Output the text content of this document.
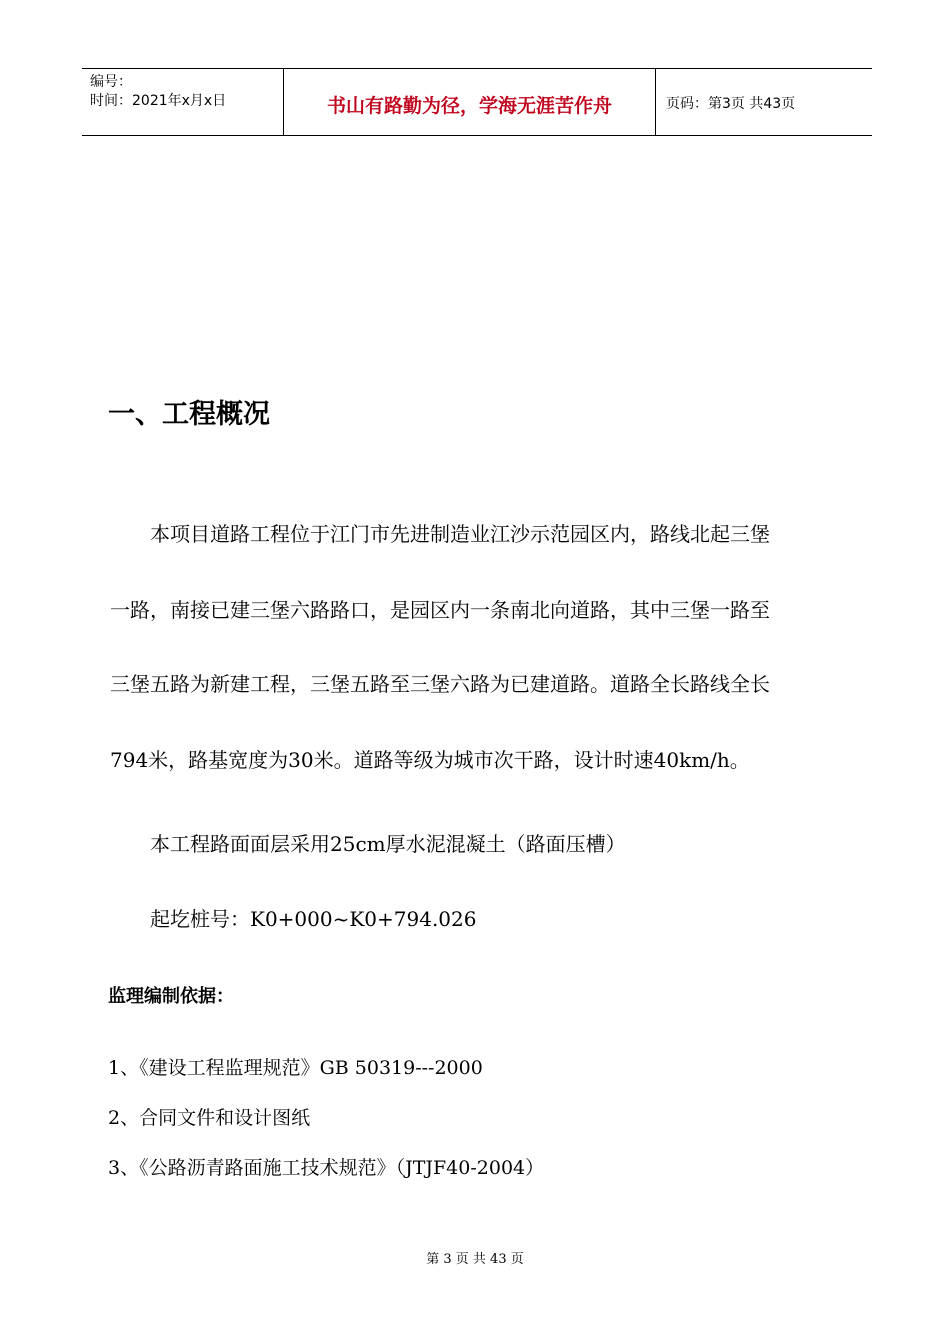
编号：
时间：2021年x月x日	书山有路勤为径，学海无涯苦作舟	页码：第3页 共43页
一、工程概况
本项目道路工程位于江门市先进制造业江沙示范园区内，路线北起三堡
一路，南接已建三堡六路路口，是园区内一条南北向道路，其中三堡一路至
三堡五路为新建工程，三堡五路至三堡六路为已建道路。道路全长路线全长
794米，路基宽度为30米。道路等级为城市次干路，设计时速40km/h。
本工程路面面层采用25cm厚水泥混凝土（路面压槽）
起圪桩号：K0+000~K0+794.026
监理编制依据：
1、《建设工程监理规范》GB 50319---2000
2、合同文件和设计图纸
3、《公路沥青路面施工技术规范》（JTJF40-2004）
第 3 页 共 43 页
